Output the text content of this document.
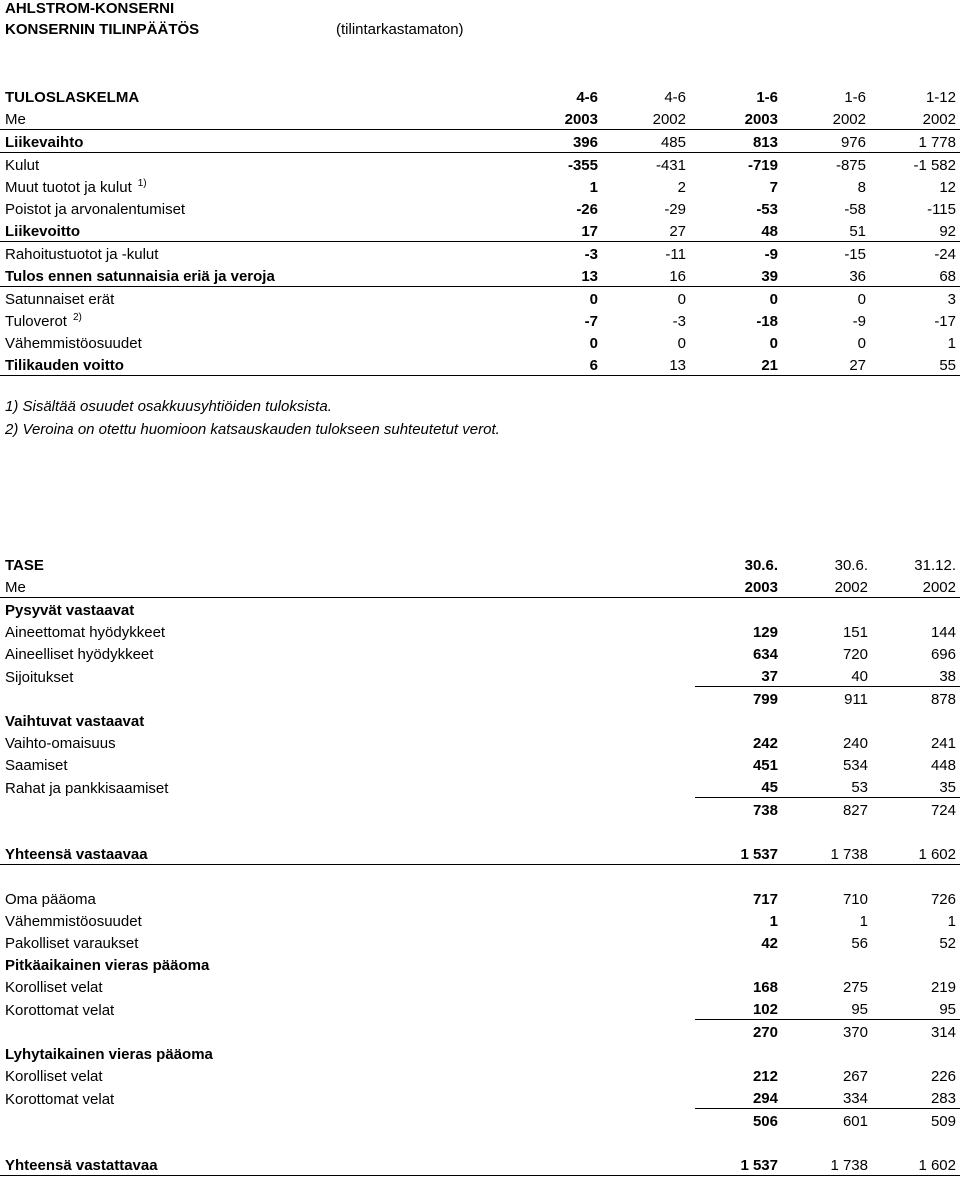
AHLSTROM-KONSERNI
KONSERNIN TILINPÄÄTÖS	(tilintarkastamaton)
TULOSLASKELMA	4-6	4-6	1-6	1-6	1-12
Me	2003	2002	2003	2002	2002
Liikevaihto	396	485	813	976	1 778
Kulut	-355	-431	-719	-875	-1 582
Muut tuotot ja kulut $^{1)}$	1	2	7	8	12
Poistot ja arvonalentumiset	-26	-29	-53	-58	-115
Liikevoitto	17	27	48	51	92
Rahoitustuotot ja -kulut	-3	-11	-9	-15	-24
Tulos ennen satunnaisia eriä ja veroja	13	16	39	36	68
Satunnaiset erät	0	0	0	0	3
Tuloverot $^{2)}$	-7	-3	-18	-9	-17
Vähemmistöosuudet	0	0	0	0	1
Tilikauden voitto	6	13	21	27	55
1) Sisältää osuudet osakkuusyhtiöiden tuloksista.
2) Veroina on otettu huomioon katsauskauden tulokseen suhteutetut verot.
TASE	30.6.	30.6.	31.12.
Me	2003	2002	2002
Pysyvät vastaavat			
Aineettomat hyödykkeet	129	151	144
Aineelliset hyödykkeet	634	720	696
Sijoitukset	37	40	38
	799	911	878
Vaihtuvat vastaavat			
Vaihto-omaisuus	242	240	241
Saamiset	451	534	448
Rahat ja pankkisaamiset	45	53	35
	738	827	724

Yhteensä vastaavaa	1 537	1 738	1 602

Oma pääoma	717	710	726
Vähemmistöosuudet	1	1	1
Pakolliset varaukset	42	56	52
Pitkäaikainen vieras pääoma			
Korolliset velat	168	275	219
Korottomat velat	102	95	95
	270	370	314
Lyhytaikainen vieras pääoma			
Korolliset velat	212	267	226
Korottomat velat	294	334	283
	506	601	509

Yhteensä vastattavaa	1 537	1 738	1 602
